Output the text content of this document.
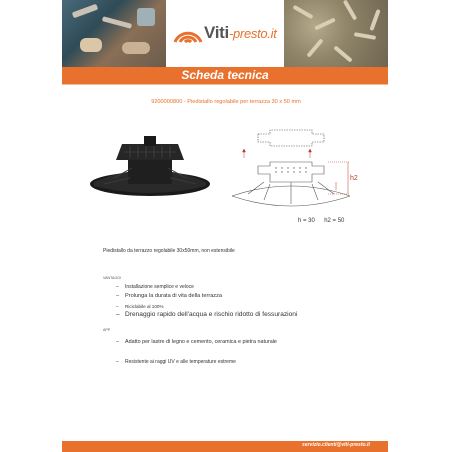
Viti-presto.it
Scheda tecnica
9200000800 - Piedistallo regolabile per terrazza 30 x 50 mm
h2
h = 30 h2 = 50
Piedistallo da terrazzo regolabile 30x50mm, non estensibile
VANTAGGI
–	Installazione semplice e veloce
–	Prolunga la durata di vita della terrazza
–	Riciclabile al 100%
– Drenaggio rapido dell'acqua e rischio ridotto di fessurazioni
APP
–	Adatto per lastre di legno e cemento, ceramica e pietra naturale
–	Resistente ai raggi UV e alle temperature estreme
servizio.clienti@viti-presto.it
